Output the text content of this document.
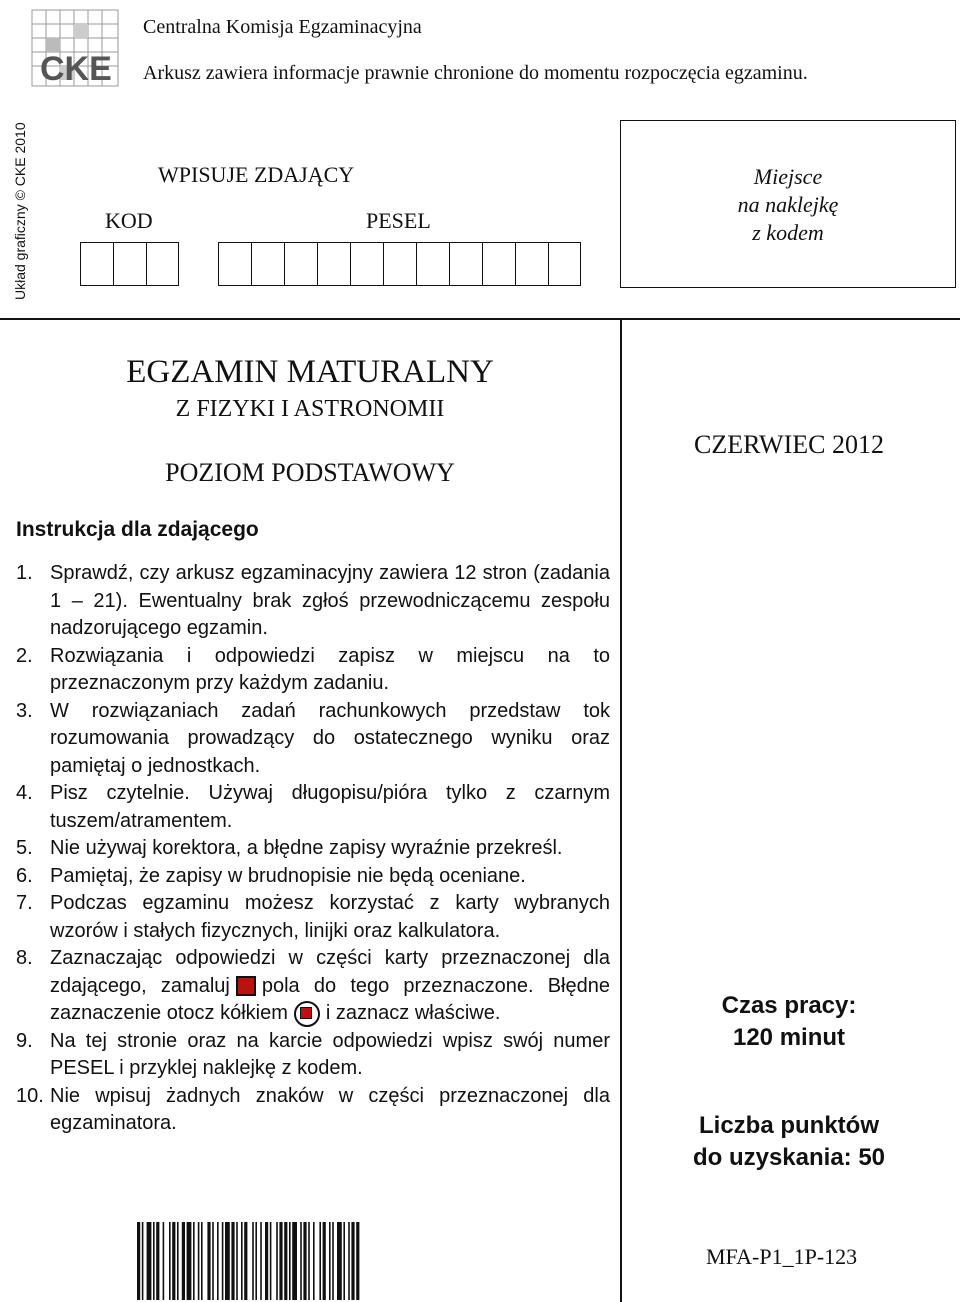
CKE
Centralna Komisja Egzaminacyjna
Arkusz zawiera informacje prawnie chronione do momentu rozpoczęcia egzaminu.
Układ graficzny © CKE 2010	WPISUJE ZDAJĄCY
KOD	PESEL
Miejsce
na naklejkę
z kodem
EGZAMIN MATURALNY
Z FIZYKI I ASTRONOMII
POZIOM PODSTAWOWY
CZERWIEC 2012
Instrukcja dla zdającego
1. Sprawdź, czy arkusz egzaminacyjny zawiera 12 stron (zadania 1 – 21). Ewentualny brak zgłoś przewodniczącemu zespołu nadzorującego egzamin.
2. Rozwiązania i odpowiedzi zapisz w miejscu na to przeznaczonym przy każdym zadaniu.
3. W rozwiązaniach zadań rachunkowych przedstaw tok rozumowania prowadzący do ostatecznego wyniku oraz pamiętaj o jednostkach.
4. Pisz czytelnie. Używaj długopisu/pióra tylko z czarnym tuszem/atramentem.
5. Nie używaj korektora, a błędne zapisy wyraźnie przekreśl.
6. Pamiętaj, że zapisy w brudnopisie nie będą oceniane.
7. Podczas egzaminu możesz korzystać z karty wybranych wzorów i stałych fizycznych, linijki oraz kalkulatora.
8. Zaznaczając odpowiedzi w części karty przeznaczonej dla zdającego, zamaluj pola do tego przeznaczone. Błędne zaznaczenie otocz kółkiem i zaznacz właściwe.
9. Na tej stronie oraz na karcie odpowiedzi wpisz swój numer PESEL i przyklej naklejkę z kodem.
10. Nie wpisuj żadnych znaków w części przeznaczonej dla egzaminatora.
Czas pracy:
120 minut
Liczba punktów
do uzyskania: 50
MFA-P1_1P-123
